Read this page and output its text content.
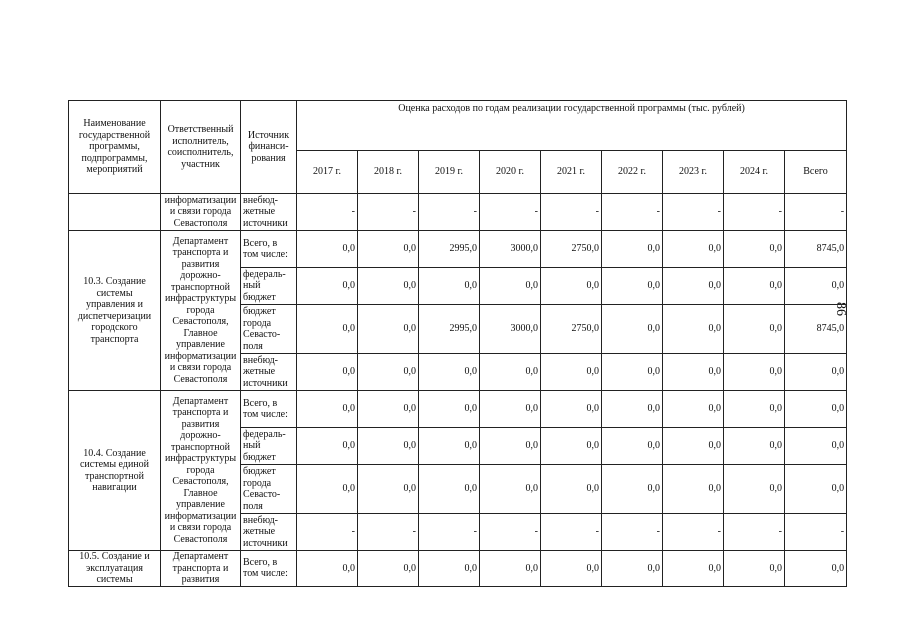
86
Наименование государственной программы, подпрограммы, мероприятий	Ответственный исполнитель, соисполнитель, участник	Источник финанси-рования	Оценка расходов по годам реализации государственной программы (тыс. рублей)								
			2017 г.	2018 г.	2019 г.	2020 г.	2021 г.	2022 г.	2023 г.	2024 г.	Всего
	информатизации и связи города Севастополя	внебюд-жетные источники	-	-	-	-	-	-	-	-	-
10.3. Создание системы управления и диспетчеризации городского транспорта	Департамент транспорта и развития дорожно-транспортной инфраструктуры города Севастополя, Главное управление информатизации и связи города Севастополя	Всего, в том числе:	0,0	0,0	2995,0	3000,0	2750,0	0,0	0,0	0,0	8745,0
		федераль-ный бюджет	0,0	0,0	0,0	0,0	0,0	0,0	0,0	0,0	0,0
		бюджет города Севасто-поля	0,0	0,0	2995,0	3000,0	2750,0	0,0	0,0	0,0	8745,0
		внебюд-жетные источники	0,0	0,0	0,0	0,0	0,0	0,0	0,0	0,0	0,0
10.4. Создание системы единой транспортной навигации	Департамент транспорта и развития дорожно-транспортной инфраструктуры города Севастополя, Главное управление информатизации и связи города Севастополя	Всего, в том числе:	0,0	0,0	0,0	0,0	0,0	0,0	0,0	0,0	0,0
		федераль-ный бюджет	0,0	0,0	0,0	0,0	0,0	0,0	0,0	0,0	0,0
		бюджет города Севасто-поля	0,0	0,0	0,0	0,0	0,0	0,0	0,0	0,0	0,0
		внебюд-жетные источники	-	-	-	-	-	-	-	-	-
10.5. Создание и эксплуатация системы	Департамент транспорта и развития	Всего, в том числе:	0,0	0,0	0,0	0,0	0,0	0,0	0,0	0,0	0,0
